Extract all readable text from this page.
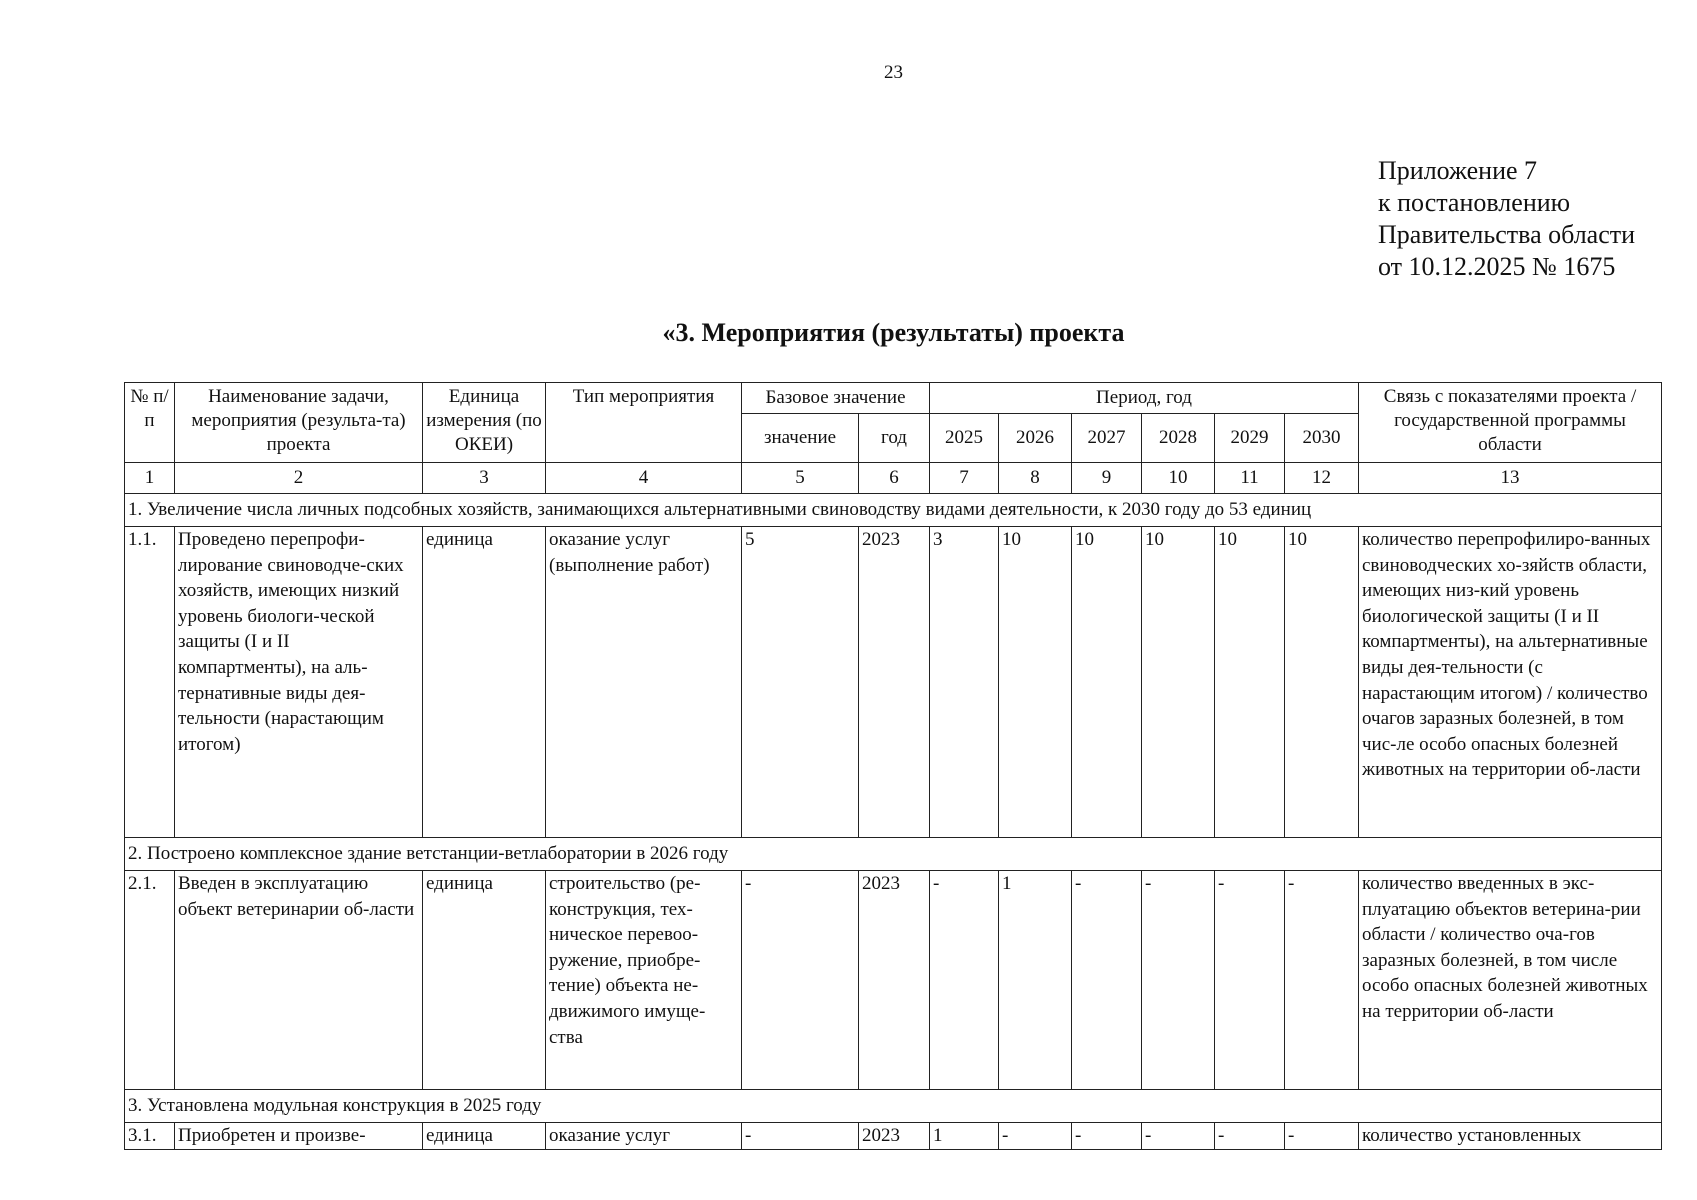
23
Приложение 7
к постановлению
Правительства области
от 10.12.2025 № 1675
«3. Мероприятия (результаты) проекта
№ п/п	Наименование задачи, мероприятия (результа-та) проекта	Единица измерения (по ОКЕИ)	Тип мероприятия	Базовое значение		Период, год						Связь с показателями проекта / государственной программы области
				значение	год	2025	2026	2027	2028	2029	2030	
1	2	3	4	5	6	7	8	9	10	11	12	13
1. Увеличение числа личных подсобных хозяйств, занимающихся альтернативными свиноводству видами деятельности, к 2030 году до 53 единиц												
1.1.	Проведено перепрофи-лирование свиноводче-ских хозяйств, имеющих низкий уровень биологи-ческой защиты (I и II компартменты), на аль-тернативные виды дея-тельности (нарастающим итогом)	единица	оказание услуг (выполнение работ)	5	2023	3	10	10	10	10	10	количество перепрофилиро-ванных свиноводческих хо-зяйств области, имеющих низ-кий уровень биологической защиты (I и II компартменты), на альтернативные виды дея-тельности (с нарастающим итогом) / количество очагов заразных болезней, в том чис-ле особо опасных болезней животных на территории об-ласти
2. Построено комплексное здание ветстанции-ветлаборатории в 2026 году												
2.1.	Введен в эксплуатацию объект ветеринарии об-ласти	единица	строительство (ре-конструкция, тех-ническое перевоо-ружение, приобре-тение) объекта не-движимого имуще-ства	-	2023	-	1	-	-	-	-	количество введенных в экс-плуатацию объектов ветерина-рии области / количество оча-гов заразных болезней, в том числе особо опасных болезней животных на территории об-ласти
3. Установлена модульная конструкция в 2025 году												
3.1.	Приобретен и произве-	единица	оказание услуг	-	2023	1	-	-	-	-	-	количество установленных
